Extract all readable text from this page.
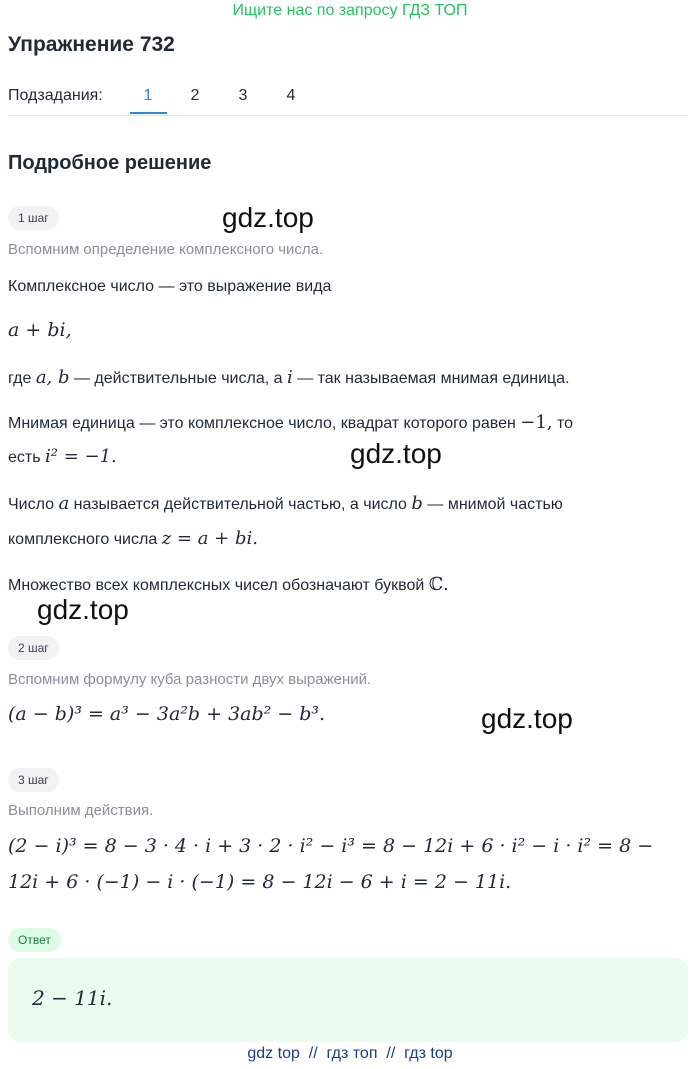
Ищите нас по запросу ГДЗ ТОП
Упражнение 732
Подзадания:	1	2	3	4
Подробное решение
1 шаг	gdz.top
Вспомним определение комплексного числа.
Комплексное число — это выражение вида
a + bi,
где a, b — действительные числа, а i — так называемая мнимая единица.
Мнимая единица — это комплексное число, квадрат которого равен −1, то
есть i² = −1.	gdz.top
Число a называется действительной частью, а число b — мнимой частью
комплексного числа z = a + bi.
Множество всех комплексных чисел обозначают буквой ℂ.
gdz.top
2 шаг
Вспомним формулу куба разности двух выражений.
(a − b)³ = a³ − 3a²b + 3ab² − b³.	gdz.top
3 шаг
Выполним действия.
(2 − i)³ = 8 − 3 · 4 · i + 3 · 2 · i² − i³ = 8 − 12i + 6 · i² − i · i² = 8 −
12i + 6 · (−1) − i · (−1) = 8 − 12i − 6 + i = 2 − 11i.
Ответ
2 − 11i.
gdz top  //  гдз топ  //  гдз top
